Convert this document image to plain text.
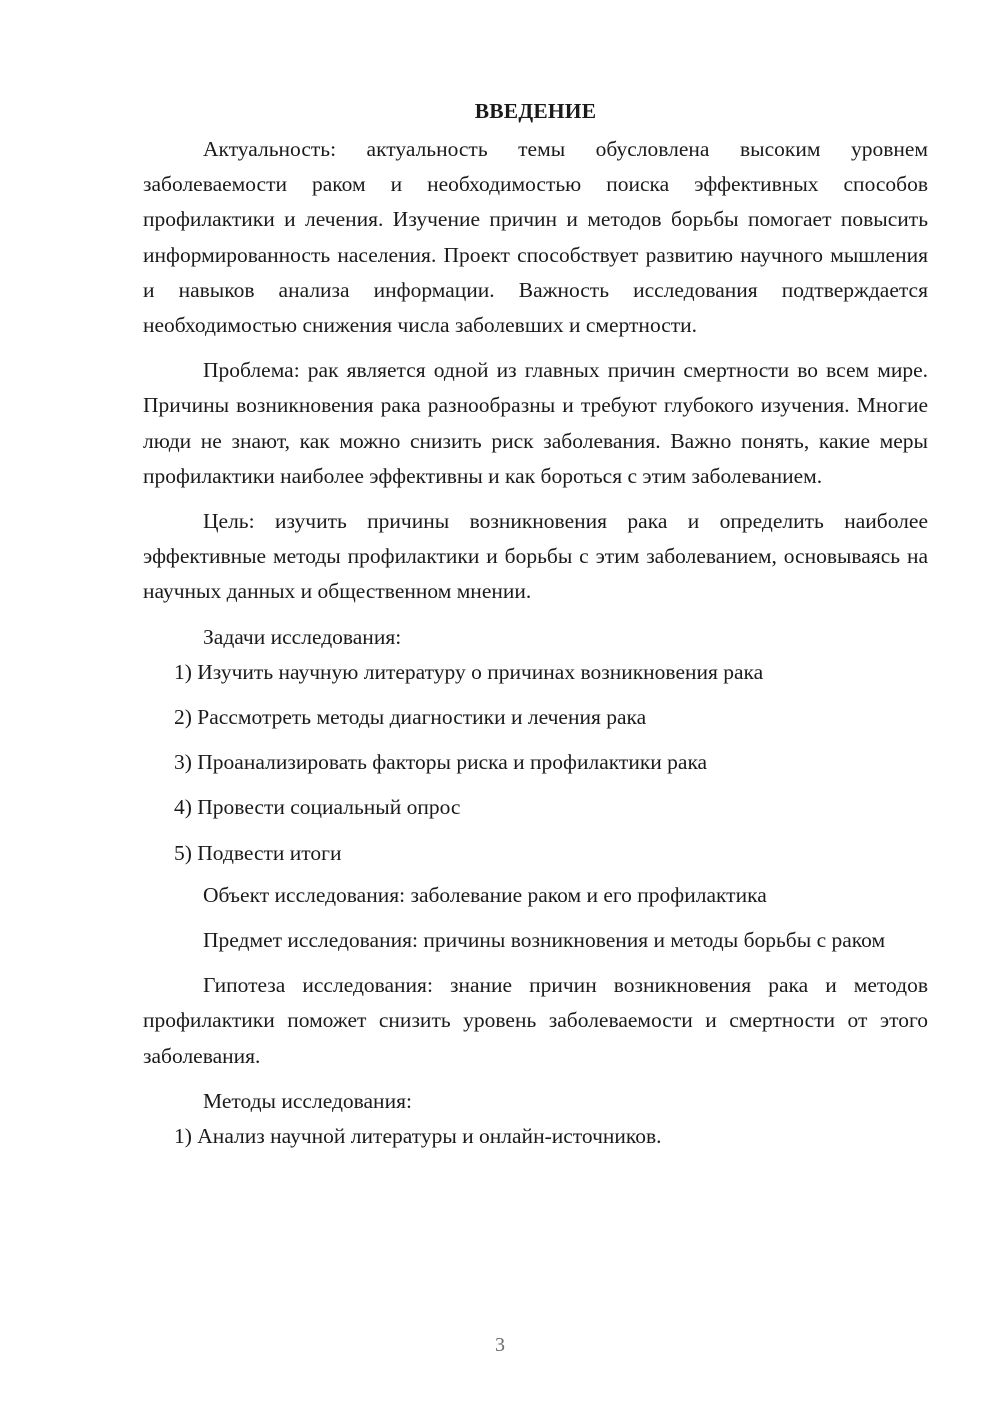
ВВЕДЕНИЕ

Актуальность: актуальность темы обусловлена высоким уровнем заболеваемости раком и необходимостью поиска эффективных способов профилактики и лечения. Изучение причин и методов борьбы помогает повысить информированность населения. Проект способствует развитию научного мышления и навыков анализа информации. Важность исследования подтверждается необходимостью снижения числа заболевших и смертности.

Проблема: рак является одной из главных причин смертности во всем мире. Причины возникновения рака разнообразны и требуют глубокого изучения. Многие люди не знают, как можно снизить риск заболевания. Важно понять, какие меры профилактики наиболее эффективны и как бороться с этим заболеванием.

Цель: изучить причины возникновения рака и определить наиболее эффективные методы профилактики и борьбы с этим заболеванием, основываясь на научных данных и общественном мнении.

Задачи исследования:

1) Изучить научную литературу о причинах возникновения рака
2) Рассмотреть методы диагностики и лечения рака
3) Проанализировать факторы риска и профилактики рака
4) Провести социальный опрос
5) Подвести итоги

Объект исследования: заболевание раком и его профилактика

Предмет исследования: причины возникновения и методы борьбы с раком

Гипотеза исследования: знание причин возникновения рака и методов профилактики поможет снизить уровень заболеваемости и смертности от этого заболевания.

Методы исследования:

1) Анализ научной литературы и онлайн-источников.
3
